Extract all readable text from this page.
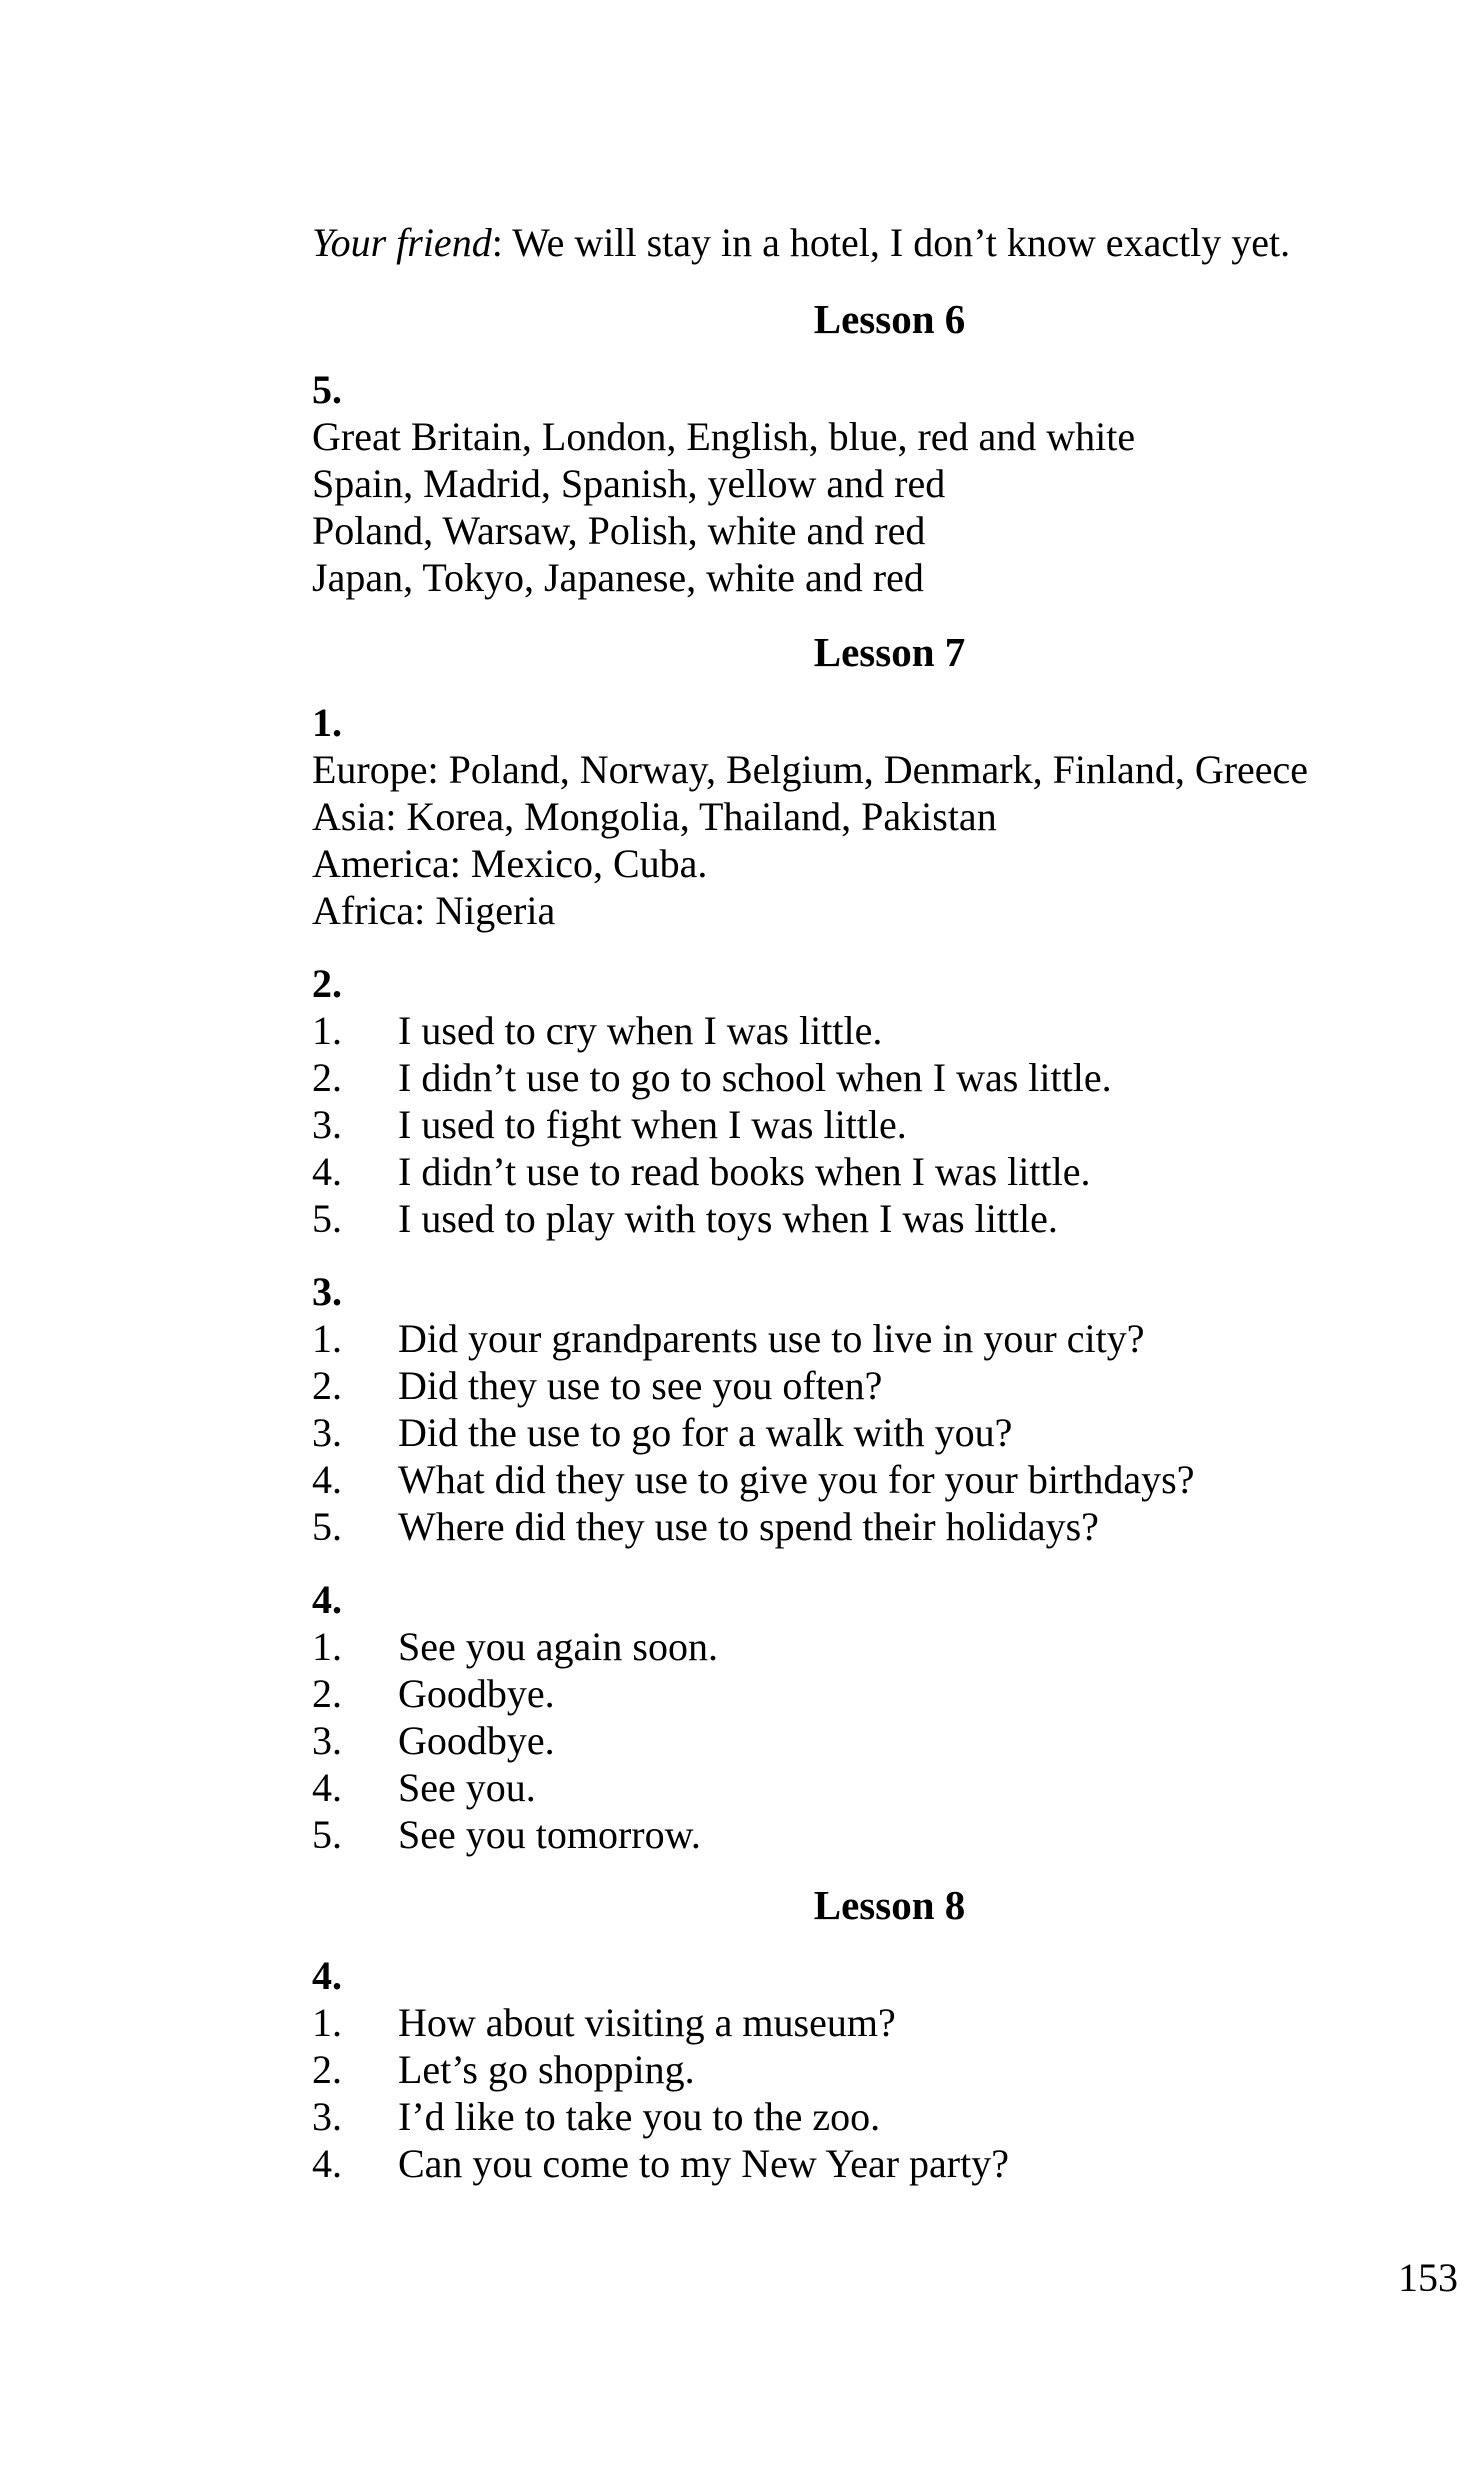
Your friend: We will stay in a hotel, I don’t know exactly yet.
Lesson 6
5.
Great Britain, London, English, blue, red and white
Spain, Madrid, Spanish, yellow and red
Poland, Warsaw, Polish, white and red
Japan, Tokyo, Japanese, white and red
Lesson 7
1.
Europe: Poland, Norway, Belgium, Denmark, Finland, Greece
Asia: Korea, Mongolia, Thailand, Pakistan
America: Mexico, Cuba.
Africa: Nigeria
2.
1.	I used to cry when I was little.
2.	I didn’t use to go to school when I was little.
3.	I used to fight when I was little.
4.	I didn’t use to read books when I was little.
5.	I used to play with toys when I was little.
3.
1.	Did your grandparents use to live in your city?
2.	Did they use to see you often?
3.	Did the use to go for a walk with you?
4.	What did they use to give you for your birthdays?
5.	Where did they use to spend their holidays?
4.
1.	See you again soon.
2.	Goodbye.
3.	Goodbye.
4.	See you.
5.	See you tomorrow.
Lesson 8
4.
1.	How about visiting a museum?
2.	Let’s go shopping.
3.	I’d like to take you to the zoo.
4.	Can you come to my New Year party?
153
